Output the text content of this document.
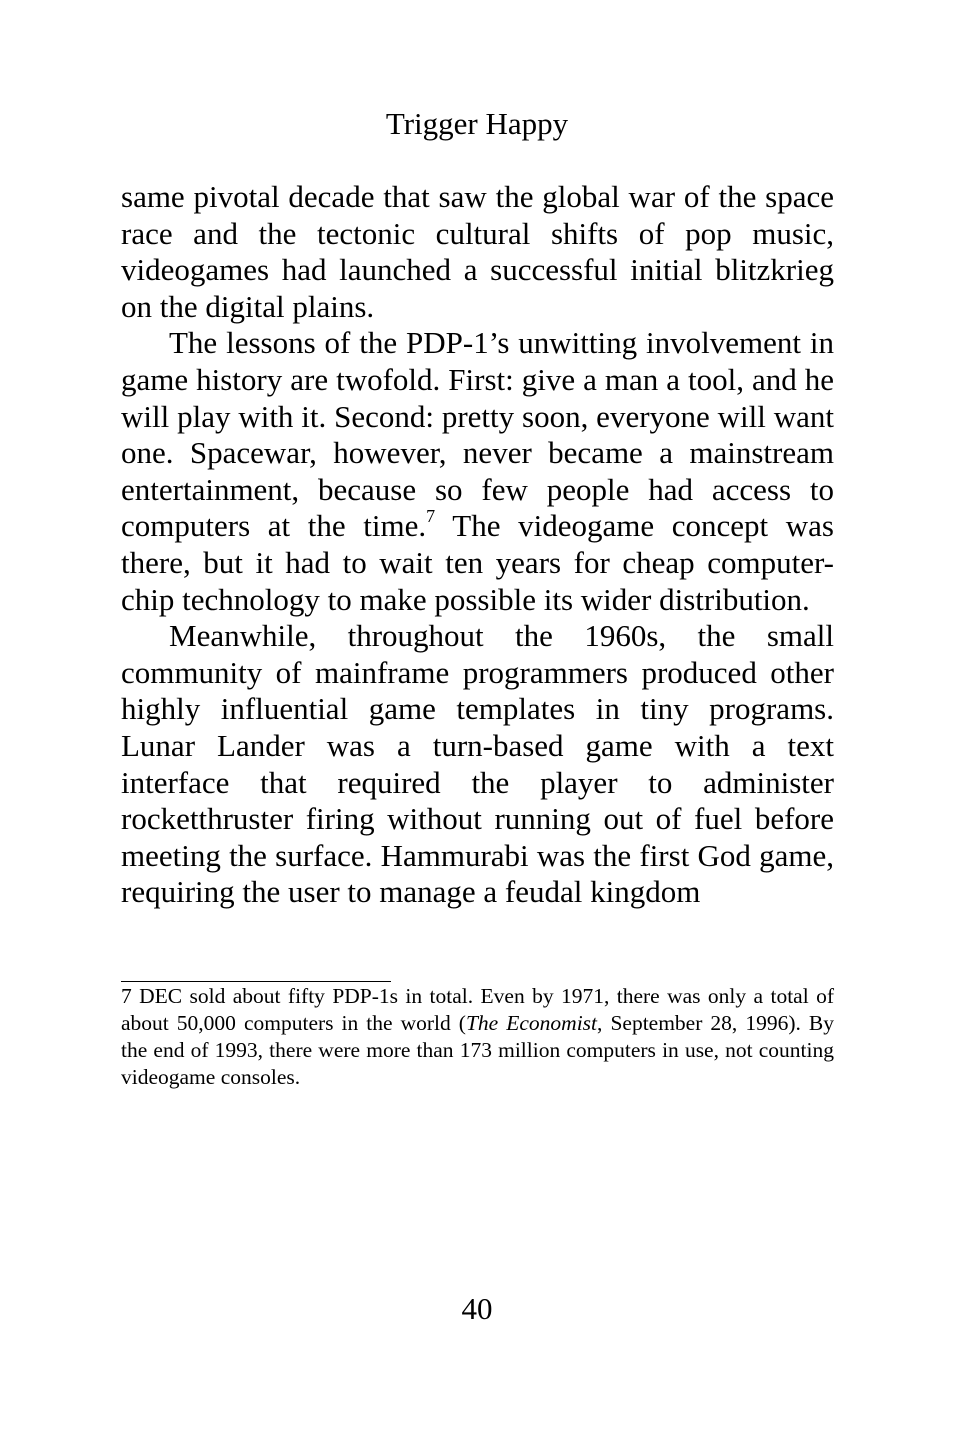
Trigger Happy

same pivotal decade that saw the global war of the space race and the tectonic cultural shifts of pop music, videogames had launched a successful initial blitzkrieg on the digital plains.

The lessons of the PDP-1’s unwitting involvement in game history are twofold. First: give a man a tool, and he will play with it. Second: pretty soon, everyone will want one. Spacewar, however, never became a mainstream entertainment, because so few people had access to computers at the time.$^7$ The videogame concept was there, but it had to wait ten years for cheap computer-chip technology to make possible its wider distribution.

Meanwhile, throughout the 1960s, the small community of mainframe programmers produced other highly influential game templates in tiny programs. Lunar Lander was a turn-based game with a text interface that required the player to administer rocketthruster firing without running out of fuel before meeting the surface. Hammurabi was the first God game, requiring the user to manage a feudal kingdom

7 DEC sold about fifty PDP-1s in total. Even by 1971, there was only a total of about 50,000 computers in the world (The Economist, September 28, 1996). By the end of 1993, there were more than 173 million computers in use, not counting videogame consoles.

40
